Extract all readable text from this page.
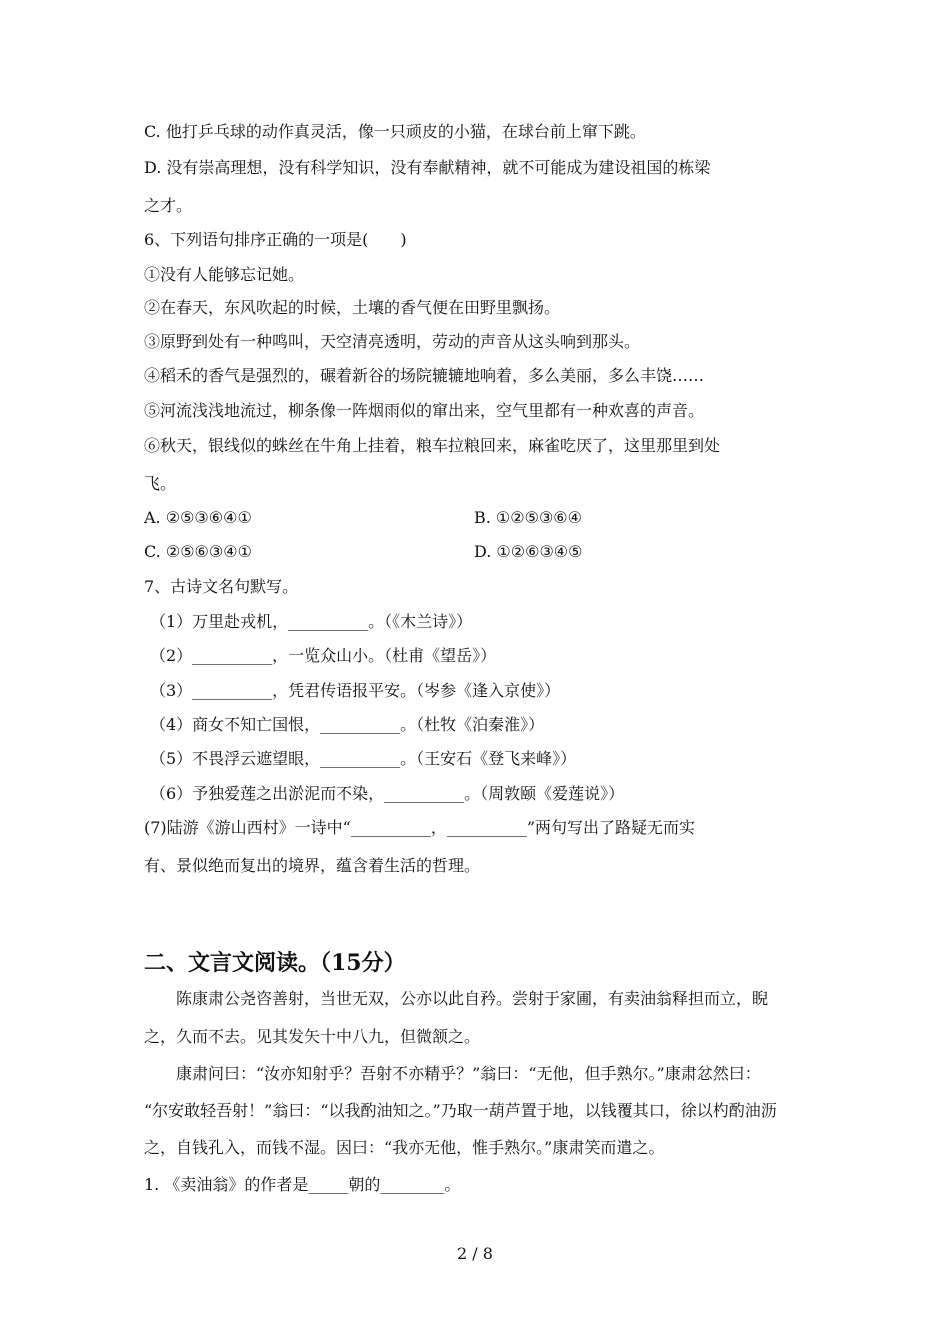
C. 他打乒乓球的动作真灵活，像一只顽皮的小猫，在球台前上窜下跳。
D. 没有崇高理想，没有科学知识，没有奉献精神，就不可能成为建设祖国的栋梁
之才。
6、下列语句排序正确的一项是(　　)
①没有人能够忘记她。
②在春天，东风吹起的时候，土壤的香气便在田野里飘扬。
③原野到处有一种鸣叫，天空清亮透明，劳动的声音从这头响到那头。
④稻禾的香气是强烈的，碾着新谷的场院辘辘地响着，多么美丽，多么丰饶……
⑤河流浅浅地流过，柳条像一阵烟雨似的窜出来，空气里都有一种欢喜的声音。
⑥秋天，银线似的蛛丝在牛角上挂着，粮车拉粮回来，麻雀吃厌了，这里那里到处
飞。
A. ②⑤③⑥④①	B. ①②⑤③⑥④
C. ②⑤⑥③④①	D. ①②⑥③④⑤
7、古诗文名句默写。
（1）万里赴戎机，__________。（《木兰诗》）
（2）__________，一览众山小。（杜甫《望岳》）
（3）__________，凭君传语报平安。（岑参《逢入京使》）
（4）商女不知亡国恨，__________。（杜牧《泊秦淮》）
（5）不畏浮云遮望眼，__________。（王安石《登飞来峰》）
（6）予独爱莲之出淤泥而不染，__________。（周敦颐《爱莲说》）
(7)陆游《游山西村》一诗中“__________，__________”两句写出了路疑无而实
有、景似绝而复出的境界，蕴含着生活的哲理。
二、文言文阅读。（15分）
陈康肃公尧咨善射，当世无双，公亦以此自矜。尝射于家圃，有卖油翁释担而立，睨
之，久而不去。见其发矢十中八九，但微颔之。
康肃问曰：“汝亦知射乎？吾射不亦精乎？”翁曰：“无他，但手熟尔。”康肃忿然曰：
“尔安敢轻吾射！”翁曰：“以我酌油知之。”乃取一葫芦置于地，以钱覆其口，徐以杓酌油沥
之，自钱孔入，而钱不湿。因曰：“我亦无他，惟手熟尔。”康肃笑而遣之。
1. 《卖油翁》的作者是_____朝的________。
2 / 8
